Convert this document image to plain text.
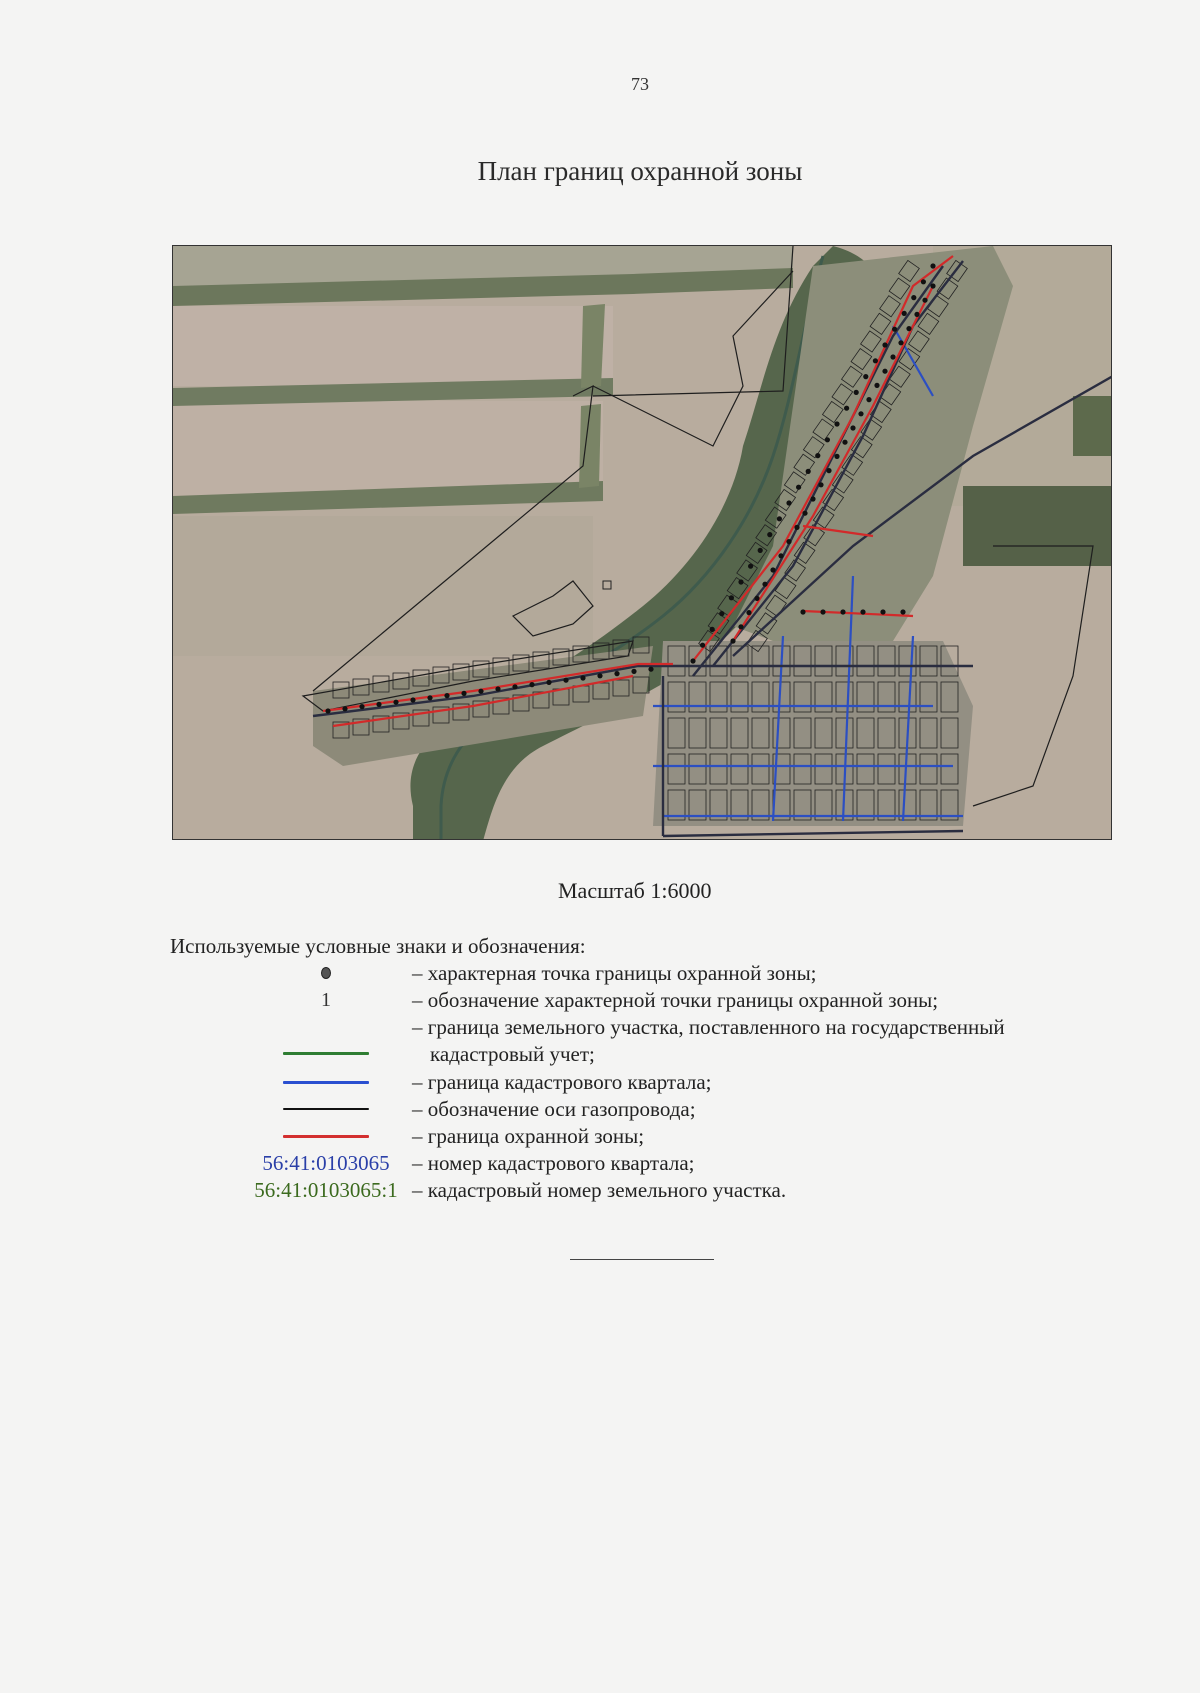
73
План границ охранной зоны
Масштаб 1:6000
Используемые условные знаки и обозначения:
– характерная точка границы охранной зоны;
1	– обозначение характерной точки границы охранной зоны;
– граница земельного участка, поставленного на государственный
кадастровый учет;
– граница кадастрового квартала;
– обозначение оси газопровода;
– граница охранной зоны;
56:41:0103065 – номер кадастрового квартала;
56:41:0103065:1 – кадастровый номер земельного участка.
